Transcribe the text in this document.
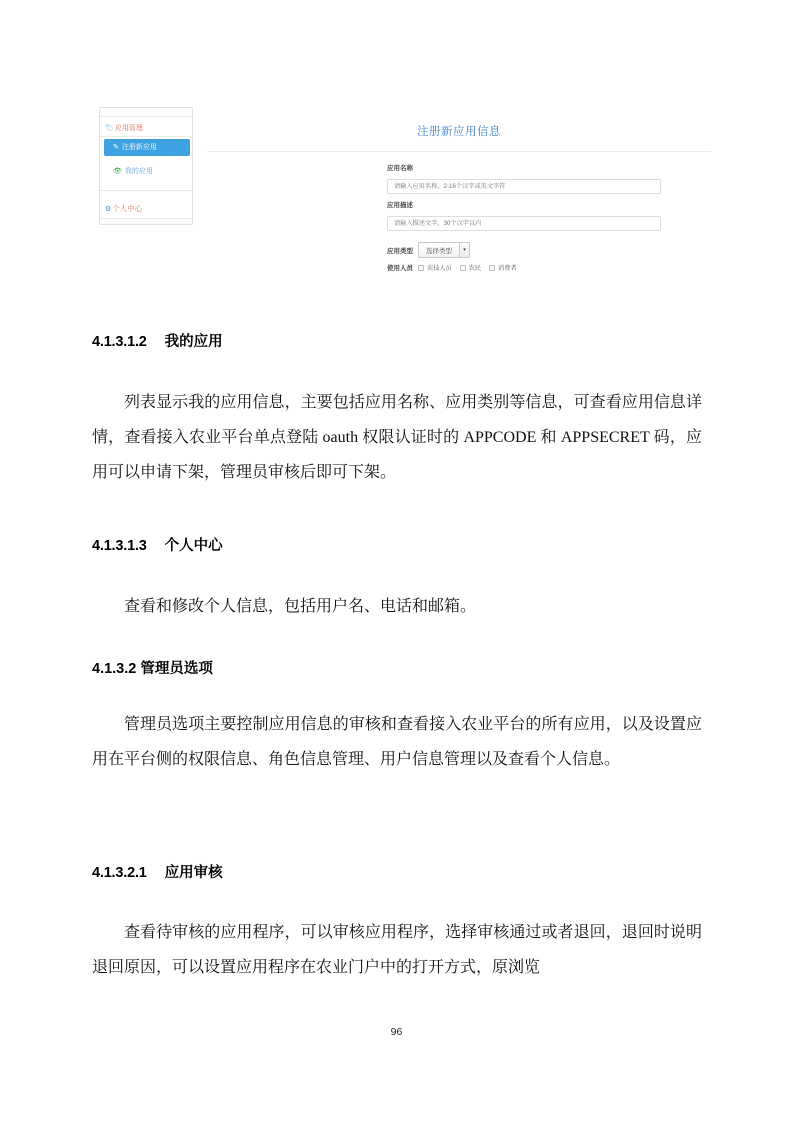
🏷应用管理
✎ 注册新应用
👁 我的应用
⚙个人中心
注册新应用信息
应用名称
请输入应用名称，2-16个汉字或英文字符
应用描述
请输入描述文字，30个汉字以内
应用类型	选择类型	▾
使用人员 农技人员	农民	消费者
4.1.3.1.2 我的应用
列表显示我的应用信息，主要包括应用名称、应用类别等信息，可查看应用信息详情，查看接入农业平台单点登陆 oauth 权限认证时的 APPCODE 和 APPSECRET 码，应用可以申请下架，管理员审核后即可下架。
4.1.3.1.3 个人中心
查看和修改个人信息，包括用户名、电话和邮箱。
4.1.3.2 管理员选项
管理员选项主要控制应用信息的审核和查看接入农业平台的所有应用，以及设置应用在平台侧的权限信息、角色信息管理、用户信息管理以及查看个人信息。
4.1.3.2.1 应用审核
查看待审核的应用程序，可以审核应用程序，选择审核通过或者退回，退回时说明退回原因，可以设置应用程序在农业门户中的打开方式，原浏览
96
